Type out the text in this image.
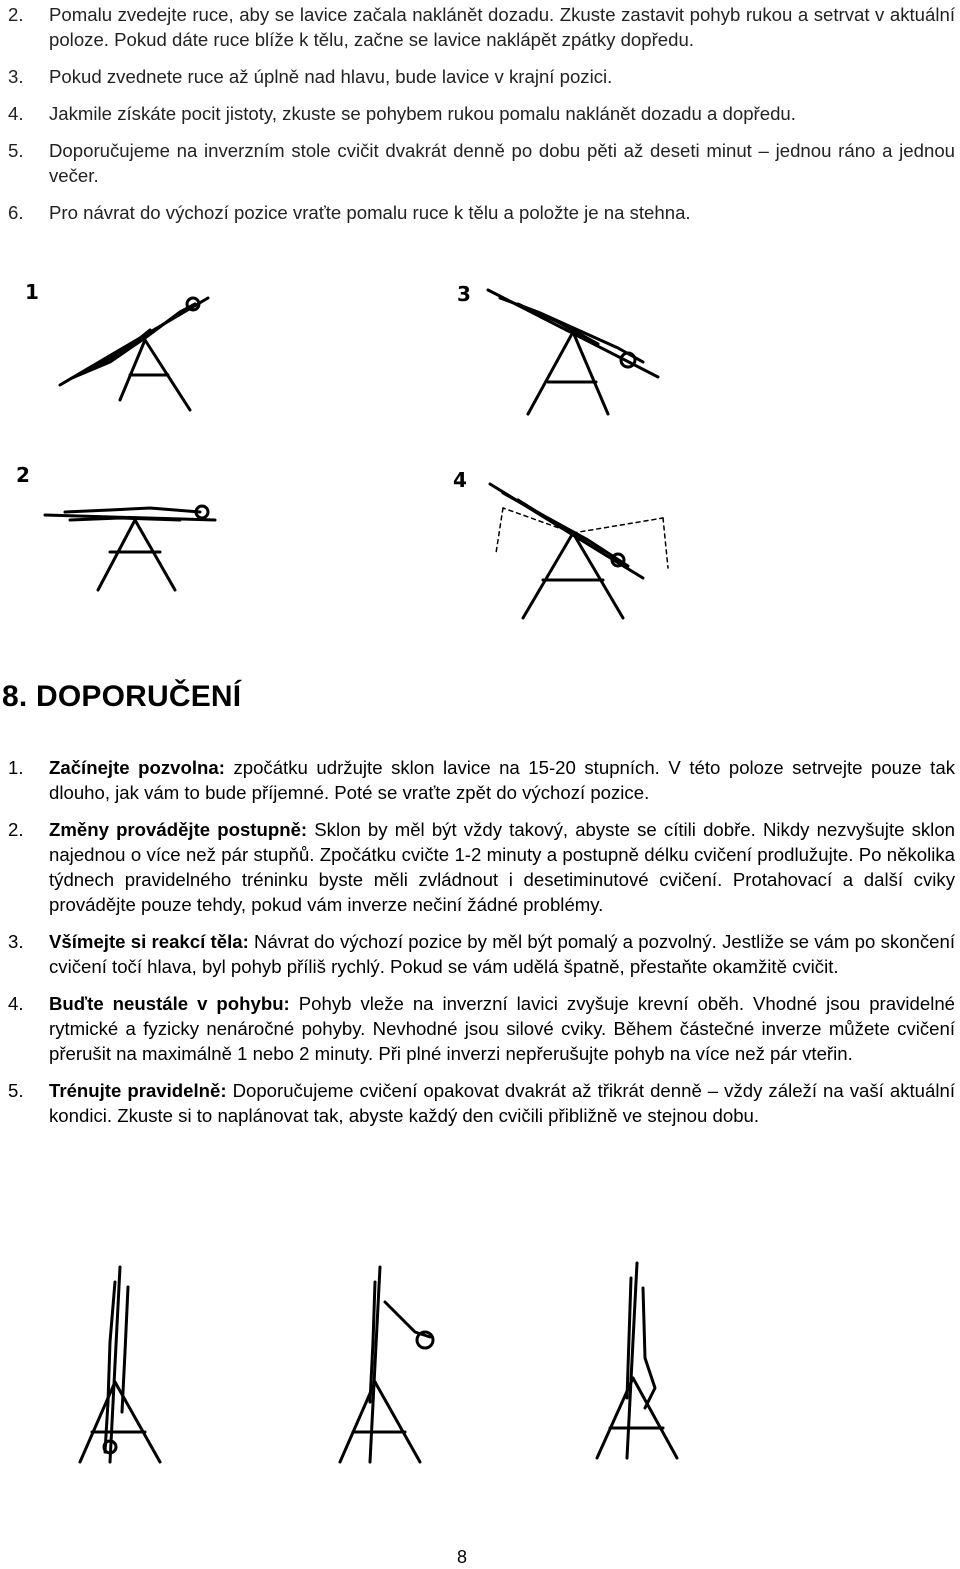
2. Pomalu zvedejte ruce, aby se lavice začala naklánět dozadu. Zkuste zastavit pohyb rukou a setrvat v aktuální poloze. Pokud dáte ruce blíže k tělu, začne se lavice naklápět zpátky dopředu.
3. Pokud zvednete ruce až úplně nad hlavu, bude lavice v krajní pozici.
4. Jakmile získáte pocit jistoty, zkuste se pohybem rukou pomalu naklánět dozadu a dopředu.
5. Doporučujeme na inverzním stole cvičit dvakrát denně po dobu pěti až deseti minut – jednou ráno a jednou večer.
6. Pro návrat do výchozí pozice vraťte pomalu ruce k tělu a položte je na stehna.
1	3
2	4
8. DOPORUČENÍ
1. Začínejte pozvolna: zpočátku udržujte sklon lavice na 15-20 stupních. V této poloze setrvejte pouze tak dlouho, jak vám to bude příjemné. Poté se vraťte zpět do výchozí pozice.
2. Změny provádějte postupně: Sklon by měl být vždy takový, abyste se cítili dobře. Nikdy nezvyšujte sklon najednou o více než pár stupňů. Zpočátku cvičte 1-2 minuty a postupně délku cvičení prodlužujte. Po několika týdnech pravidelného tréninku byste měli zvládnout i desetiminutové cvičení. Protahovací a další cviky provádějte pouze tehdy, pokud vám inverze nečiní žádné problémy.
3. Všímejte si reakcí těla: Návrat do výchozí pozice by měl být pomalý a pozvolný. Jestliže se vám po skončení cvičení točí hlava, byl pohyb příliš rychlý. Pokud se vám udělá špatně, přestaňte okamžitě cvičit.
4. Buďte neustále v pohybu: Pohyb vleže na inverzní lavici zvyšuje krevní oběh. Vhodné jsou pravidelné rytmické a fyzicky nenáročné pohyby. Nevhodné jsou silové cviky. Během částečné inverze můžete cvičení přerušit na maximálně 1 nebo 2 minuty. Při plné inverzi nepřerušujte pohyb na více než pár vteřin.
5. Trénujte pravidelně: Doporučujeme cvičení opakovat dvakrát až třikrát denně – vždy záleží na vaší aktuální kondici. Zkuste si to naplánovat tak, abyste každý den cvičili přibližně ve stejnou dobu.
8
